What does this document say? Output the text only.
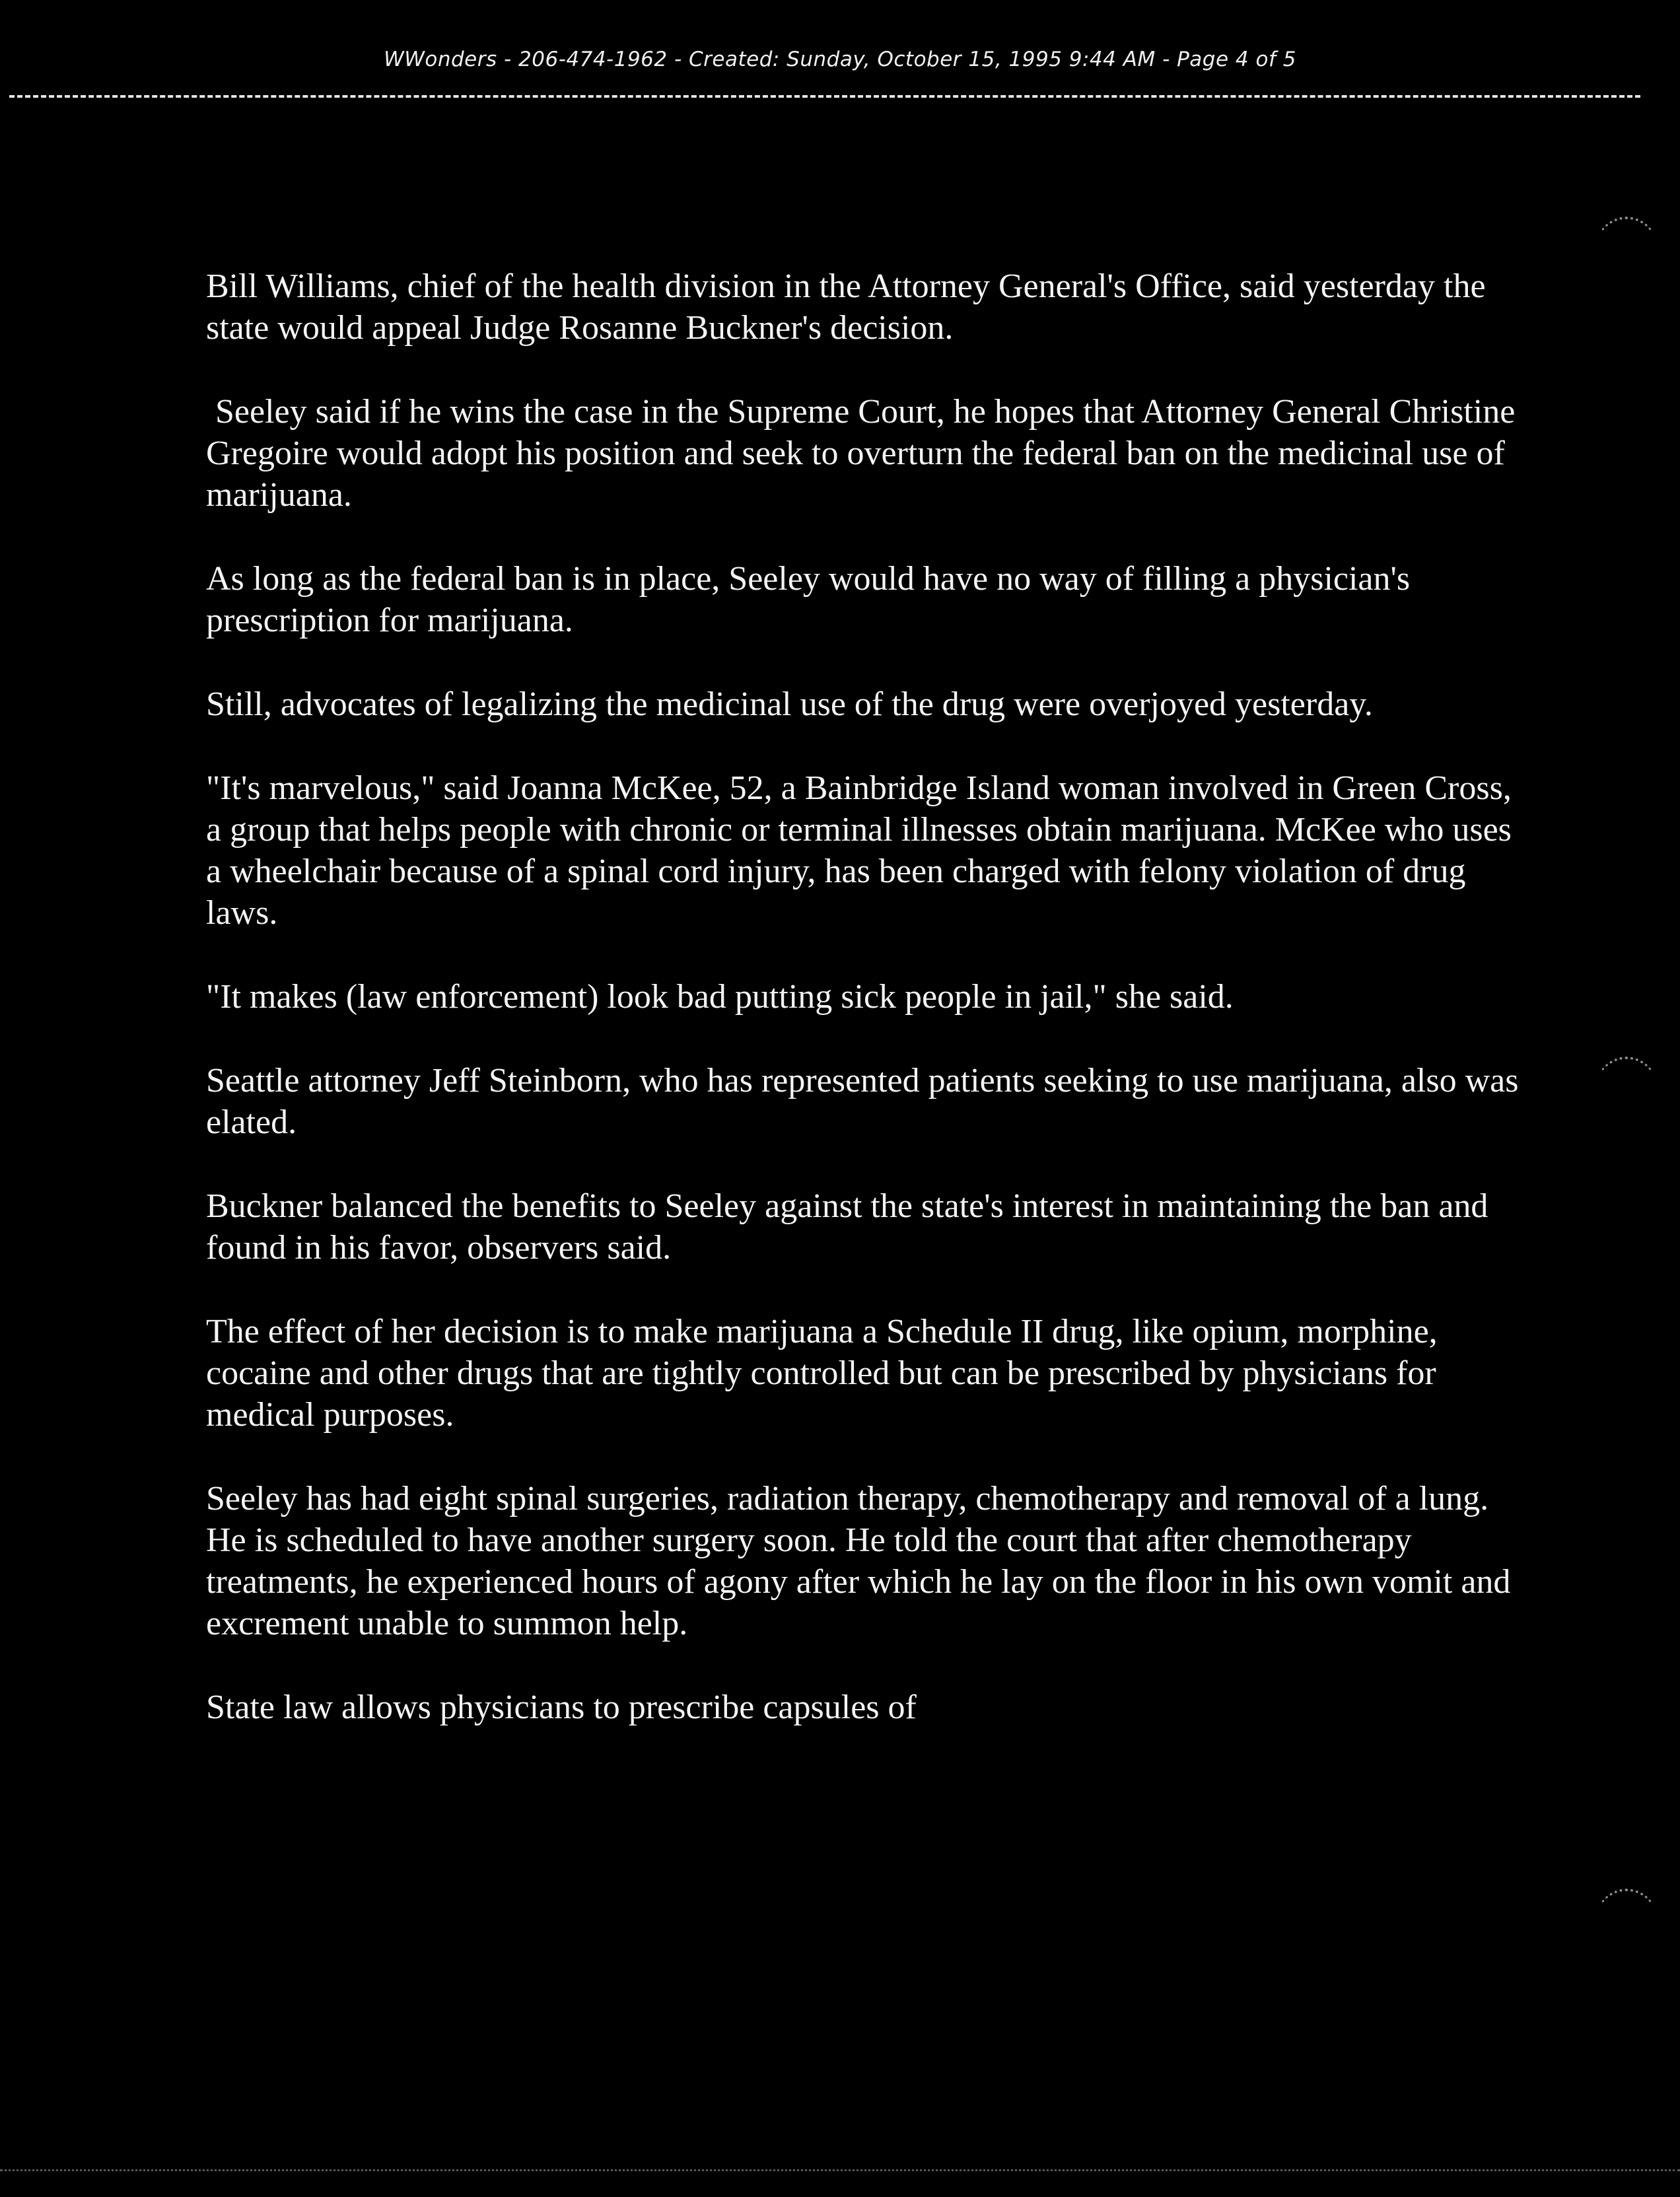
WWonders - 206-474-1962 - Created: Sunday, October 15, 1995 9:44 AM - Page 4 of 5

Bill Williams, chief of the health division in the Attorney General's Office, said yesterday the state would appeal Judge Rosanne Buckner's decision.

Seeley said if he wins the case in the Supreme Court, he hopes that Attorney General Christine Gregoire would adopt his position and seek to overturn the federal ban on the medicinal use of marijuana.

As long as the federal ban is in place, Seeley would have no way of filling a physician's prescription for marijuana.

Still, advocates of legalizing the medicinal use of the drug were overjoyed yesterday.

"It's marvelous," said Joanna McKee, 52, a Bainbridge Island woman involved in Green Cross, a group that helps people with chronic or terminal illnesses obtain marijuana. McKee who uses a wheelchair because of a spinal cord injury, has been charged with felony violation of drug laws.

"It makes (law enforcement) look bad putting sick people in jail," she said.

Seattle attorney Jeff Steinborn, who has represented patients seeking to use marijuana, also was elated.

Buckner balanced the benefits to Seeley against the state's interest in maintaining the ban and found in his favor, observers said.

The effect of her decision is to make marijuana a Schedule II drug, like opium, morphine, cocaine and other drugs that are tightly controlled but can be prescribed by physicians for medical purposes.

Seeley has had eight spinal surgeries, radiation therapy, chemotherapy and removal of a lung. He is scheduled to have another surgery soon. He told the court that after chemotherapy treatments, he experienced hours of agony after which he lay on the floor in his own vomit and excrement unable to summon help.

State law allows physicians to prescribe capsules of
